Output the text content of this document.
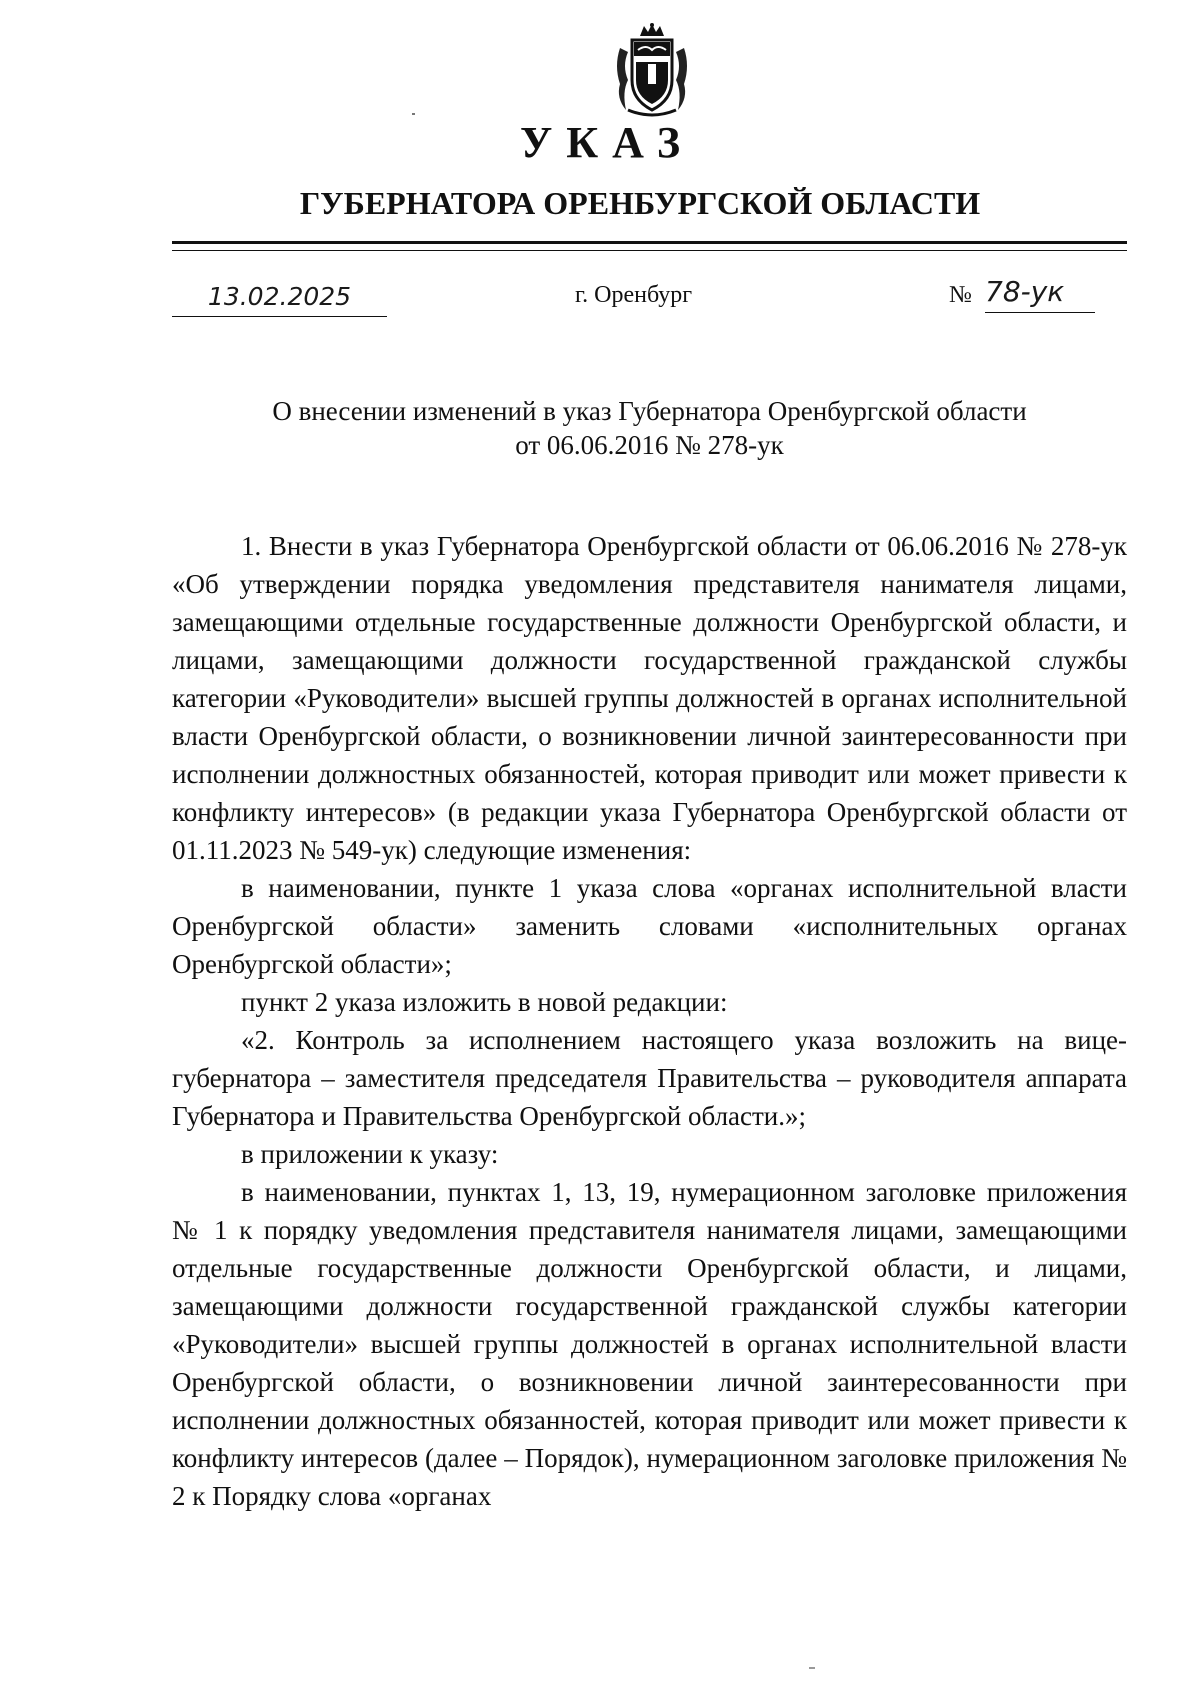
УКАЗ
ГУБЕРНАТОРА ОРЕНБУРГСКОЙ ОБЛАСТИ
13.02.2025	г. Оренбург	№ 78-ук
О внесении изменений в указ Губернатора Оренбургской области
от 06.06.2016 № 278-ук

1. Внести в указ Губернатора Оренбургской области от 06.06.2016 № 278-ук «Об утверждении порядка уведомления представителя нанимателя лицами, замещающими отдельные государственные должности Оренбургской области, и лицами, замещающими должности государственной гражданской службы категории «Руководители» высшей группы должностей в органах исполнительной власти Оренбургской области, о возникновении личной заинтересованности при исполнении должностных обязанностей, которая приводит или может привести к конфликту интересов» (в редакции указа Губернатора Оренбургской области от 01.11.2023 № 549-ук) следующие изменения:

в наименовании, пункте 1 указа слова «органах исполнительной власти Оренбургской области» заменить словами «исполнительных органах Оренбургской области»;

пункт 2 указа изложить в новой редакции:

«2. Контроль за исполнением настоящего указа возложить на вице-губернатора – заместителя председателя Правительства – руководителя аппарата Губернатора и Правительства Оренбургской области.»;

в приложении к указу:

в наименовании, пунктах 1, 13, 19, нумерационном заголовке приложения № 1 к порядку уведомления представителя нанимателя лицами, замещающими отдельные государственные должности Оренбургской области, и лицами, замещающими должности государственной гражданской службы категории «Руководители» высшей группы должностей в органах исполнительной власти Оренбургской области, о возникновении личной заинтересованности при исполнении должностных обязанностей, которая приводит или может привести к конфликту интересов (далее – Порядок), нумерационном заголовке приложения № 2 к Порядку слова «органах
